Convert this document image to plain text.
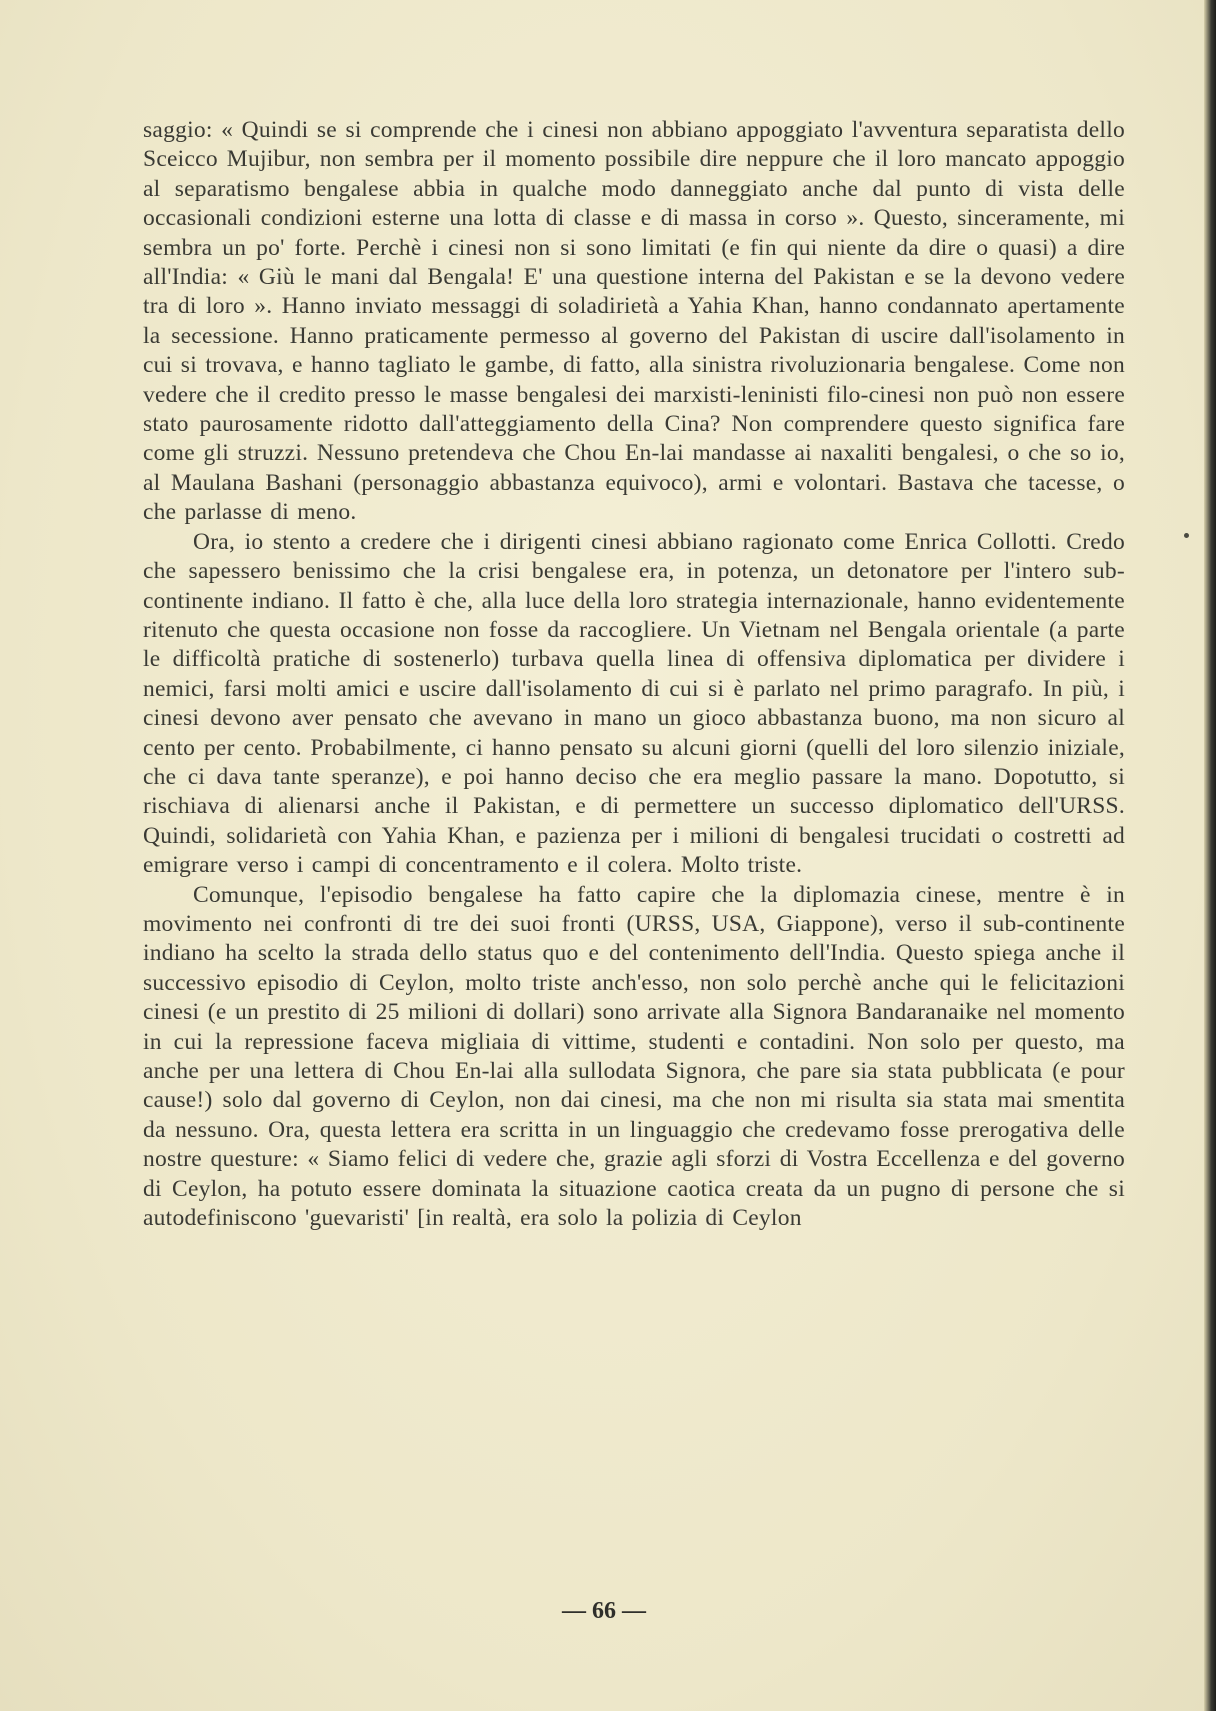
saggio: « Quindi se si comprende che i cinesi non abbiano appoggiato l'avventura separatista dello Sceicco Mujibur, non sembra per il momento possibile dire neppure che il loro mancato appoggio al separatismo bengalese abbia in qualche modo danneggiato anche dal punto di vista delle occasionali condizioni esterne una lotta di classe e di massa in corso ». Questo, sinceramente, mi sembra un po' forte. Perchè i cinesi non si sono limitati (e fin qui niente da dire o quasi) a dire all'India: « Giù le mani dal Bengala! E' una questione interna del Pakistan e se la devono vedere tra di loro ». Hanno inviato messaggi di soladirietà a Yahia Khan, hanno condannato apertamente la secessione. Hanno praticamente permesso al governo del Pakistan di uscire dall'isolamento in cui si trovava, e hanno tagliato le gambe, di fatto, alla sinistra rivoluzionaria bengalese. Come non vedere che il credito presso le masse bengalesi dei marxisti-leninisti filo-cinesi non può non essere stato paurosamente ridotto dall'atteggiamento della Cina? Non comprendere questo significa fare come gli struzzi. Nessuno pretendeva che Chou En-lai mandasse ai naxaliti bengalesi, o che so io, al Maulana Bashani (personaggio abbastanza equivoco), armi e volontari. Bastava che tacesse, o che parlasse di meno.

Ora, io stento a credere che i dirigenti cinesi abbiano ragionato come Enrica Collotti. Credo che sapessero benissimo che la crisi bengalese era, in potenza, un detonatore per l'intero sub-continente indiano. Il fatto è che, alla luce della loro strategia internazionale, hanno evidentemente ritenuto che questa occasione non fosse da raccogliere. Un Vietnam nel Bengala orientale (a parte le difficoltà pratiche di sostenerlo) turbava quella linea di offensiva diplomatica per dividere i nemici, farsi molti amici e uscire dall'isolamento di cui si è parlato nel primo paragrafo. In più, i cinesi devono aver pensato che avevano in mano un gioco abbastanza buono, ma non sicuro al cento per cento. Probabilmente, ci hanno pensato su alcuni giorni (quelli del loro silenzio iniziale, che ci dava tante speranze), e poi hanno deciso che era meglio passare la mano. Dopotutto, si rischiava di alienarsi anche il Pakistan, e di permettere un successo diplomatico dell'URSS. Quindi, solidarietà con Yahia Khan, e pazienza per i milioni di bengalesi trucidati o costretti ad emigrare verso i campi di concentramento e il colera. Molto triste.

Comunque, l'episodio bengalese ha fatto capire che la diplomazia cinese, mentre è in movimento nei confronti di tre dei suoi fronti (URSS, USA, Giappone), verso il sub-continente indiano ha scelto la strada dello status quo e del contenimento dell'India. Questo spiega anche il successivo episodio di Ceylon, molto triste anch'esso, non solo perchè anche qui le felicitazioni cinesi (e un prestito di 25 milioni di dollari) sono arrivate alla Signora Bandaranaike nel momento in cui la repressione faceva migliaia di vittime, studenti e contadini. Non solo per questo, ma anche per una lettera di Chou En-lai alla sullodata Signora, che pare sia stata pubblicata (e pour cause!) solo dal governo di Ceylon, non dai cinesi, ma che non mi risulta sia stata mai smentita da nessuno. Ora, questa lettera era scritta in un linguaggio che credevamo fosse prerogativa delle nostre questure: « Siamo felici di vedere che, grazie agli sforzi di Vostra Eccellenza e del governo di Ceylon, ha potuto essere dominata la situazione caotica creata da un pugno di persone che si autodefiniscono 'guevaristi' [in realtà, era solo la polizia di Ceylon

— 66 —
